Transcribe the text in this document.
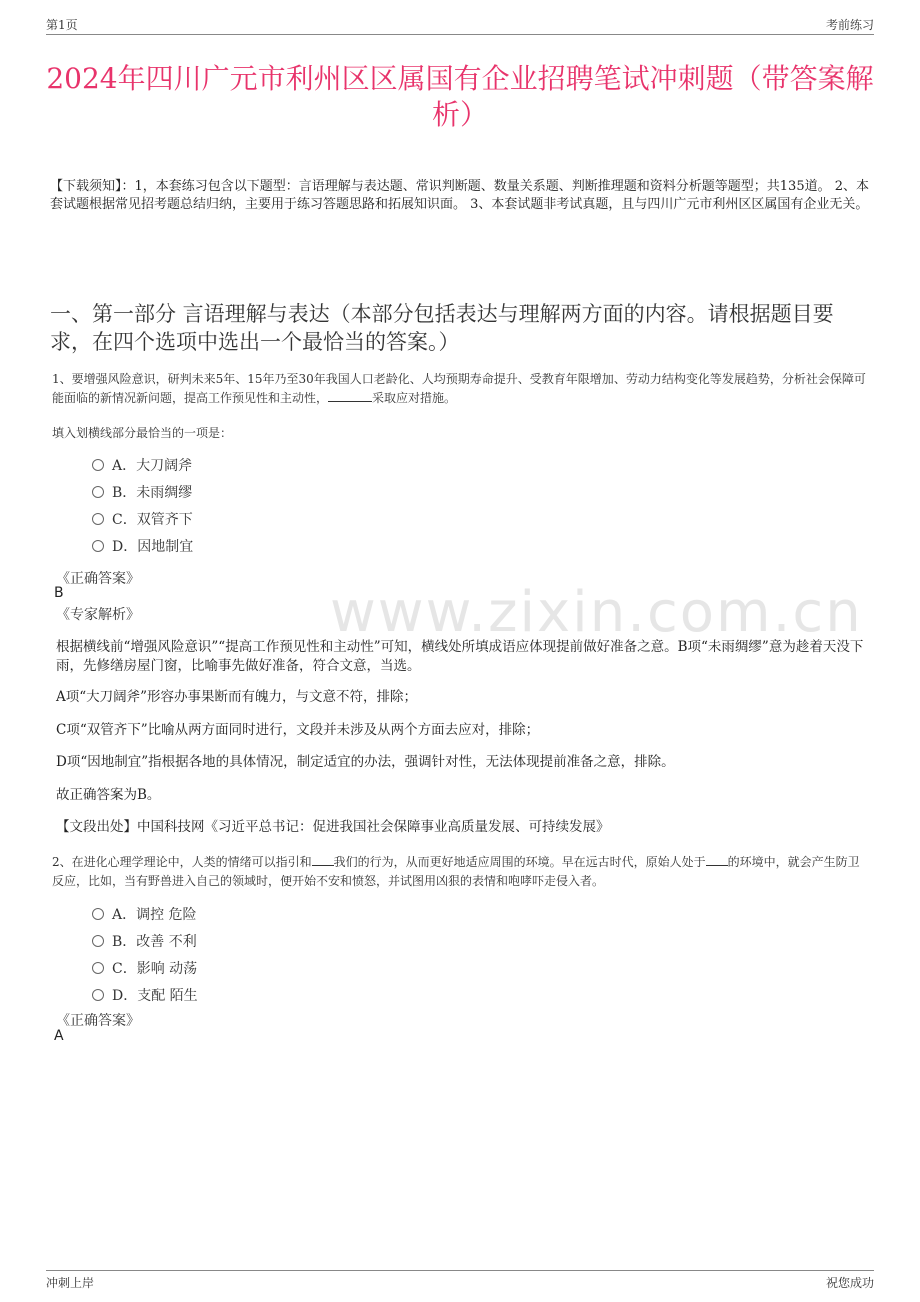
第1页	考前练习
www.zixin.com.cn
2024年四川广元市利州区区属国有企业招聘笔试冲刺题（带答案解析）
【下载须知】：1，本套练习包含以下题型：言语理解与表达题、常识判断题、数量关系题、判断推理题和资料分析题等题型；共135道。 2、本套试题根据常见招考题总结归纳，主要用于练习答题思路和拓展知识面。 3、本套试题非考试真题，且与四川广元市利州区区属国有企业无关。
一、第一部分 言语理解与表达（本部分包括表达与理解两方面的内容。请根据题目要求，在四个选项中选出一个最恰当的答案。）
1、要增强风险意识，研判未来5年、15年乃至30年我国人口老龄化、人均预期寿命提升、受教育年限增加、劳动力结构变化等发展趋势，分析社会保障可能面临的新情况新问题，提高工作预见性和主动性，	采取应对措施。
填入划横线部分最恰当的一项是：
A．大刀阔斧
B．未雨绸缪
C．双管齐下
D．因地制宜
《正确答案》
B
《专家解析》
根据横线前“增强风险意识”“提高工作预见性和主动性”可知，横线处所填成语应体现提前做好准备之意。B项“未雨绸缪”意为趁着天没下雨，先修缮房屋门窗，比喻事先做好准备，符合文意，当选。
A项“大刀阔斧”形容办事果断而有魄力，与文意不符，排除；
C项“双管齐下”比喻从两方面同时进行，文段并未涉及从两个方面去应对，排除；
D项“因地制宜”指根据各地的具体情况，制定适宜的办法，强调针对性，无法体现提前准备之意，排除。
故正确答案为B。
【文段出处】中国科技网《习近平总书记：促进我国社会保障事业高质量发展、可持续发展》
2、在进化心理学理论中，人类的情绪可以指引和 我们的行为，从而更好地适应周围的环境。早在远古时代，原始人处于 的环境中，就会产生防卫反应，比如，当有野兽进入自己的领域时，便开始不安和愤怒，并试图用凶狠的表情和咆哮吓走侵入者。
A．调控 危险
B．改善 不利
C．影响 动荡
D．支配 陌生
《正确答案》
A
冲刺上岸	祝您成功
